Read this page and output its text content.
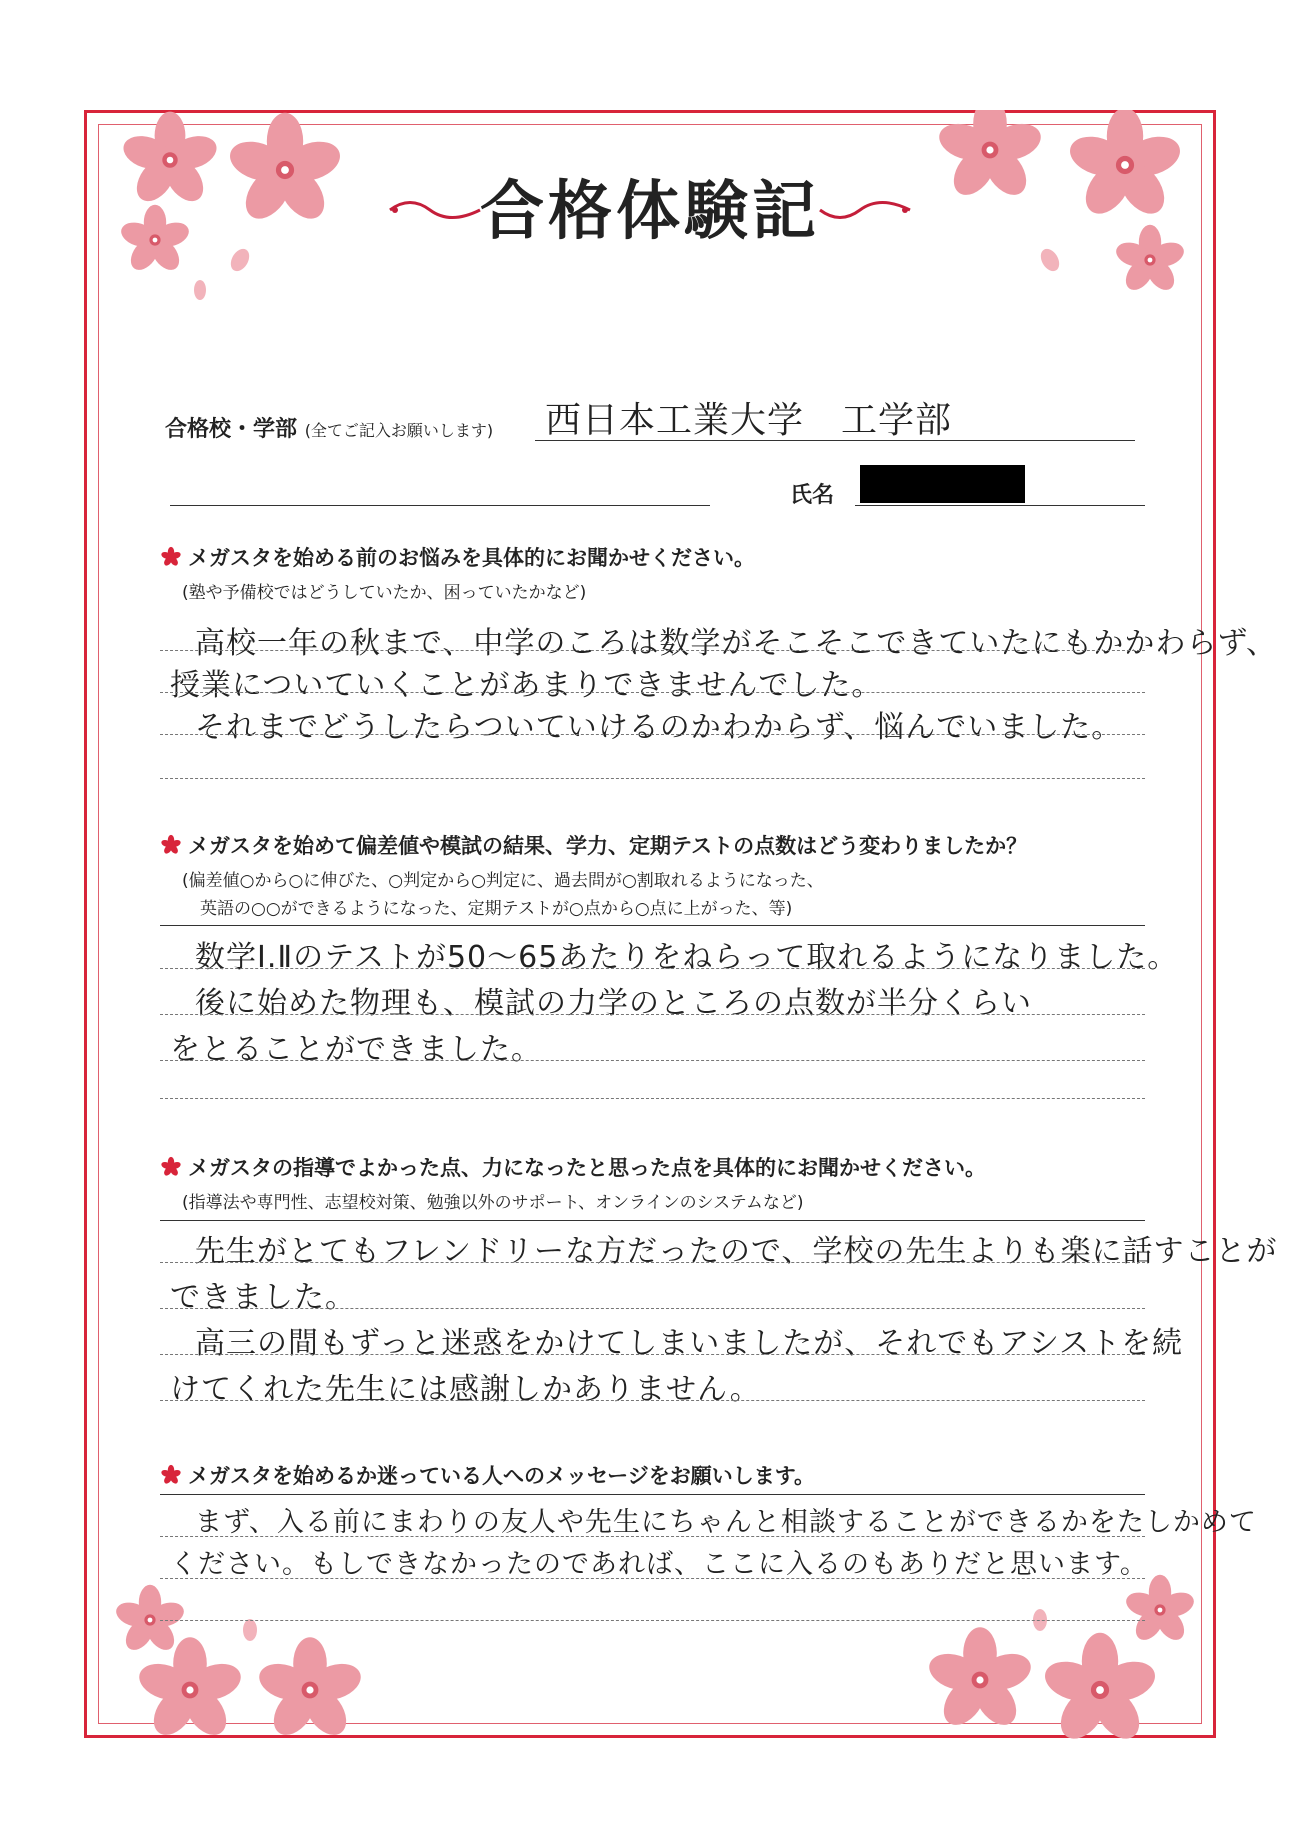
合格体験記
合格校・学部 (全てご記入お願いします) 西日本工業大学　工学部
氏名
メガスタを始める前のお悩みを具体的にお聞かせください。
(塾や予備校ではどうしていたか、困っていたかなど)
高校一年の秋まで、中学のころは数学がそこそこできていたにもかかわらず、
授業についていくことがあまりできませんでした。
それまでどうしたらついていけるのかわからず、悩んでいました。
メガスタを始めて偏差値や模試の結果、学力、定期テストの点数はどう変わりましたか？
(偏差値○から○に伸びた、○判定から○判定に、過去問が○割取れるようになった、
英語の○○ができるようになった、定期テストが○点から○点に上がった、等)
数学Ⅰ.Ⅱのテストが50～65あたりをねらって取れるようになりました。
後に始めた物理も、模試の力学のところの点数が半分くらい
をとることができました。
メガスタの指導でよかった点、力になったと思った点を具体的にお聞かせください。
(指導法や専門性、志望校対策、勉強以外のサポート、オンラインのシステムなど)
先生がとてもフレンドリーな方だったので、学校の先生よりも楽に話すことが
できました。
高三の間もずっと迷惑をかけてしまいましたが、それでもアシストを続
けてくれた先生には感謝しかありません。
メガスタを始めるか迷っている人へのメッセージをお願いします。
まず、入る前にまわりの友人や先生にちゃんと相談することができるかをたしかめて
ください。もしできなかったのであれば、ここに入るのもありだと思います。
